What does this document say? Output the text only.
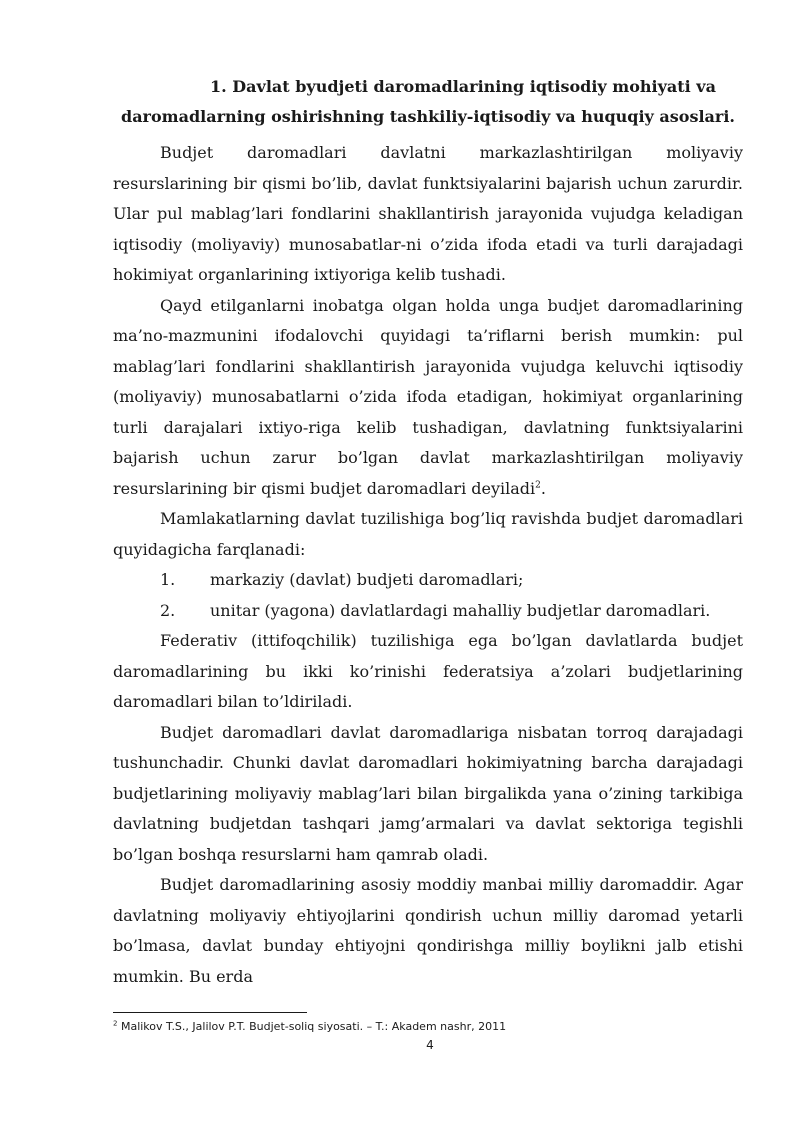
1. Davlat byudjeti daromadlarining iqtisodiy mohiyati va
daromadlarning oshirishning tashkiliy-iqtisodiy va huquqiy asoslari.

Budjet daromadlari davlatni markazlashtirilgan moliyaviy resurslarining bir qismi bo’lib, davlat funktsiyalarini bajarish uchun zarurdir. Ular pul mablag’lari fondlarini shakllantirish jarayonida vujudga keladigan iqtisodiy (moliyaviy) munosabatlar-ni o’zida ifoda etadi va turli darajadagi hokimiyat organlarining ixtiyoriga kelib tushadi.

Qayd etilganlarni inobatga olgan holda unga budjet daromadlarining ma’no-mazmunini ifodalovchi quyidagi ta’riflarni berish mumkin: pul mablag’lari fondlarini shakllantirish jarayonida vujudga keluvchi iqtisodiy (moliyaviy) munosabatlarni o’zida ifoda etadigan, hokimiyat organlarining turli darajalari ixtiyo-riga kelib tushadigan, davlatning funktsiyalarini bajarish uchun zarur bo’lgan davlat markazlashtirilgan moliyaviy resurslarining bir qismi budjet daromadlari deyiladi$^2$.

Mamlakatlarning davlat tuzilishiga bog’liq ravishda budjet daromadlari quyidagicha farqlanadi:

1.	markaziy (davlat) budjeti daromadlari;
2.	unitar (yagona) davlatlardagi mahalliy budjetlar daromadlari.

Federativ (ittifoqchilik) tuzilishiga ega bo’lgan davlatlarda budjet daromadlarining bu ikki ko’rinishi federatsiya a’zolari budjetlarining daromadlari bilan to’ldiriladi.

Budjet daromadlari davlat daromadlariga nisbatan torroq darajadagi tushunchadir. Chunki davlat daromadlari hokimiyatning barcha darajadagi budjetlarining moliyaviy mablag’lari bilan birgalikda yana o’zining tarkibiga davlatning budjetdan tashqari jamg’armalari va davlat sektoriga tegishli bo’lgan boshqa resurslarni ham qamrab oladi.

Budjet daromadlarining asosiy moddiy manbai milliy daromaddir. Agar davlatning moliyaviy ehtiyojlarini qondirish uchun milliy daromad yetarli bo’lmasa, davlat bunday ehtiyojni qondirishga milliy boylikni jalb etishi mumkin. Bu erda

$^2$ Malikov T.S., Jalilov P.T. Budjet-soliq siyosati. – T.: Akadem nashr, 2011
4
